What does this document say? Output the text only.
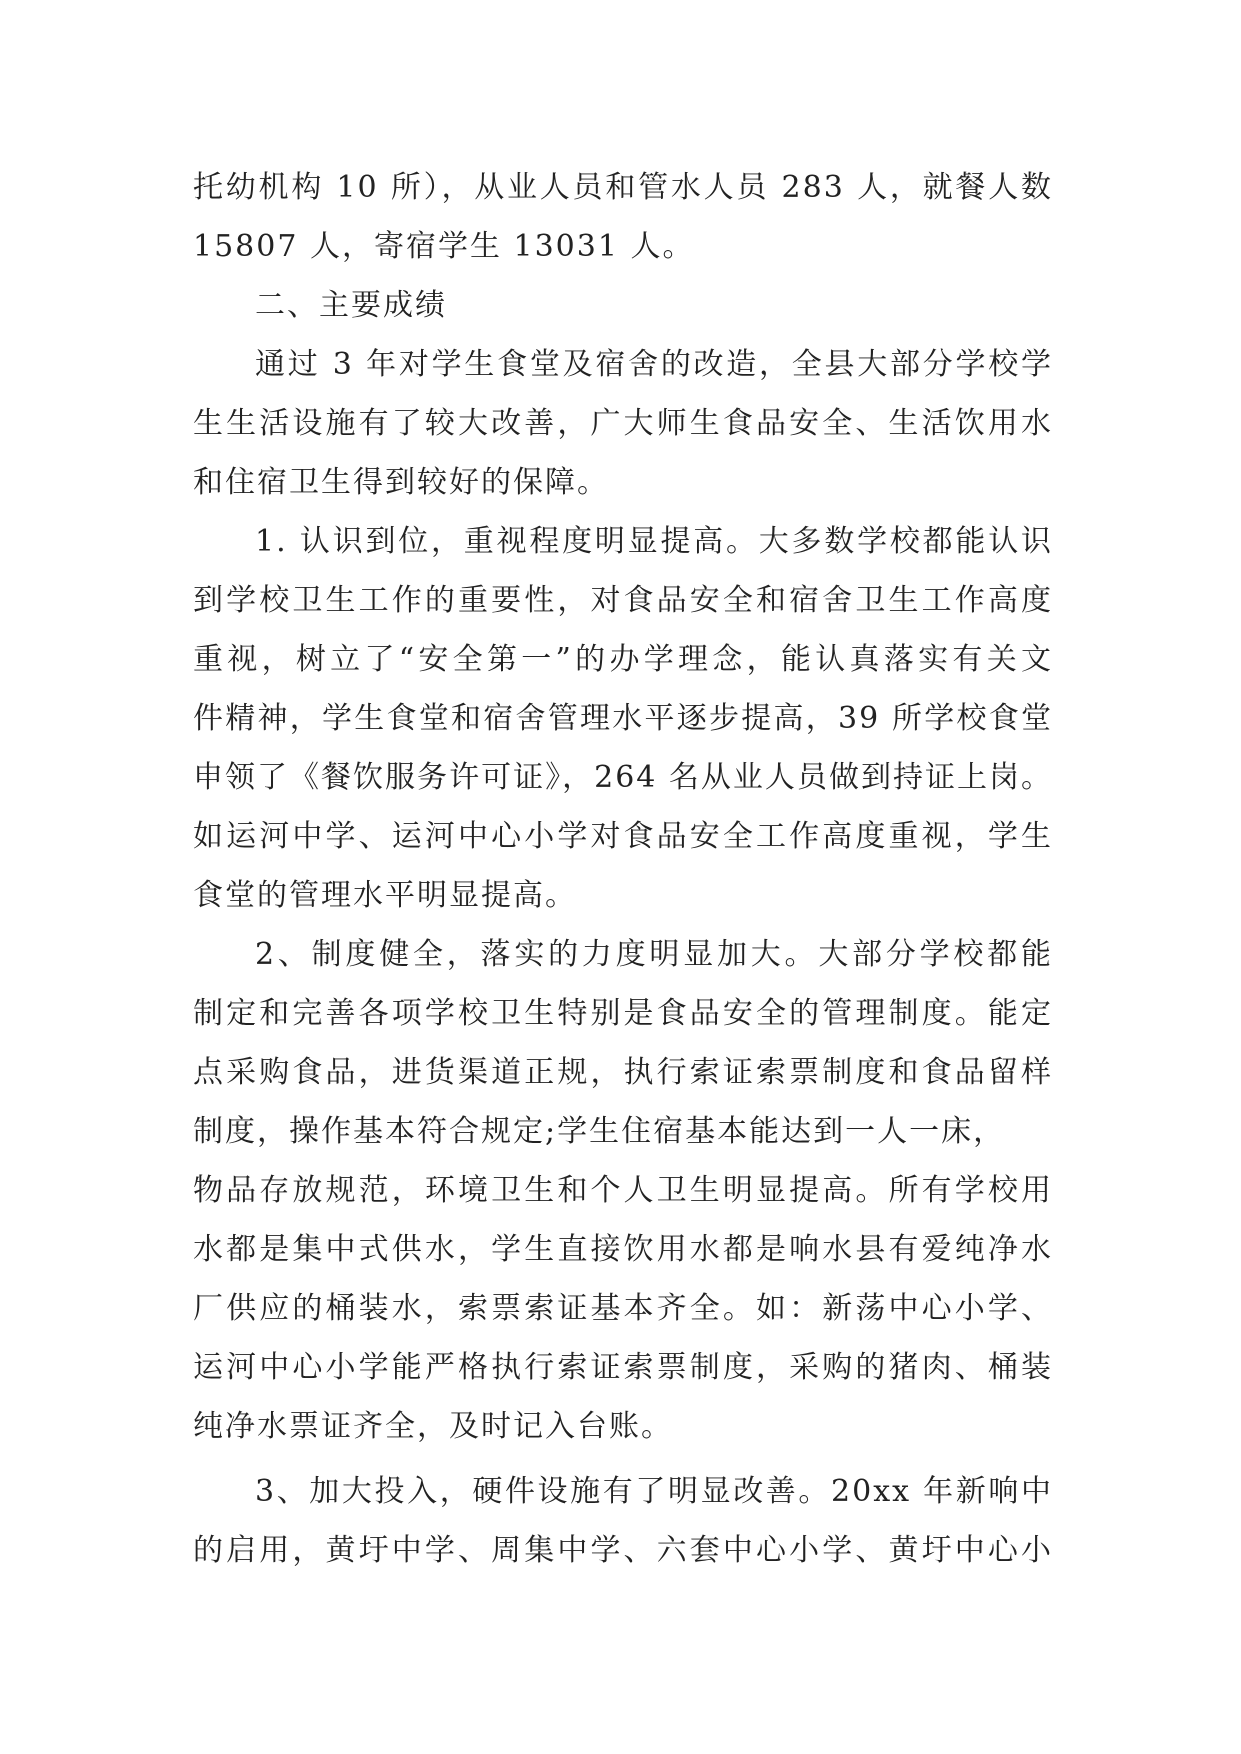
托幼机构 10 所），从业人员和管水人员 283 人，就餐人数
15807 人，寄宿学生 13031 人。
二、主要成绩
通过 3 年对学生食堂及宿舍的改造，全县大部分学校学
生生活设施有了较大改善，广大师生食品安全、生活饮用水
和住宿卫生得到较好的保障。
1. 认识到位，重视程度明显提高。大多数学校都能认识
到学校卫生工作的重要性，对食品安全和宿舍卫生工作高度
重视，树立了“安全第一”的办学理念，能认真落实有关文
件精神，学生食堂和宿舍管理水平逐步提高，39 所学校食堂
申领了《餐饮服务许可证》，264 名从业人员做到持证上岗。
如运河中学、运河中心小学对食品安全工作高度重视，学生
食堂的管理水平明显提高。
2、制度健全，落实的力度明显加大。大部分学校都能
制定和完善各项学校卫生特别是食品安全的管理制度。能定
点采购食品，进货渠道正规，执行索证索票制度和食品留样
制度，操作基本符合规定;学生住宿基本能达到一人一床，
物品存放规范，环境卫生和个人卫生明显提高。所有学校用
水都是集中式供水，学生直接饮用水都是响水县有爱纯净水
厂供应的桶装水，索票索证基本齐全。如：新荡中心小学、
运河中心小学能严格执行索证索票制度，采购的猪肉、桶装
纯净水票证齐全，及时记入台账。
3、加大投入，硬件设施有了明显改善。20xx 年新响中
的启用，黄圩中学、周集中学、六套中心小学、黄圩中心小
